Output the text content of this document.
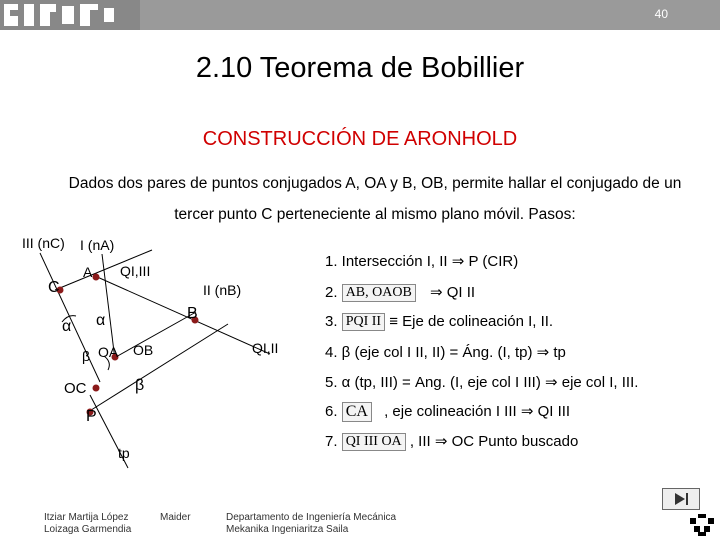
40
2.10 Teorema de Bobillier
CONSTRUCCIÓN DE ARONHOLD
Dados dos pares de puntos conjugados A, OA y B, OB, permite hallar el conjugado de un tercer punto C perteneciente al mismo plano móvil. Pasos:
III (nC) I (nA)
A QI,III
C	II (nB)
B
α α
β OA OB	QI,II
OC	β
P
tp
1. Intersección I, II ⇒ P (CIR)
2. AB, OAOB ⇒ QI II
3. PQI II ≡ Eje de colineación I, II.
4. β (eje col I II, II) = Áng. (I, tp) ⇒ tp
5. α (tp, III) = Ang. (I, eje col I III) ⇒ eje col I, III.
6. CA , eje colineación I III ⇒ QI III
7. QI III OA , III ⇒ OC Punto buscado
Itziar Martija López
Loizaga Garmendia
Maider	Departamento de Ingeniería Mecánica
Mekanika Ingeniaritza Saila
